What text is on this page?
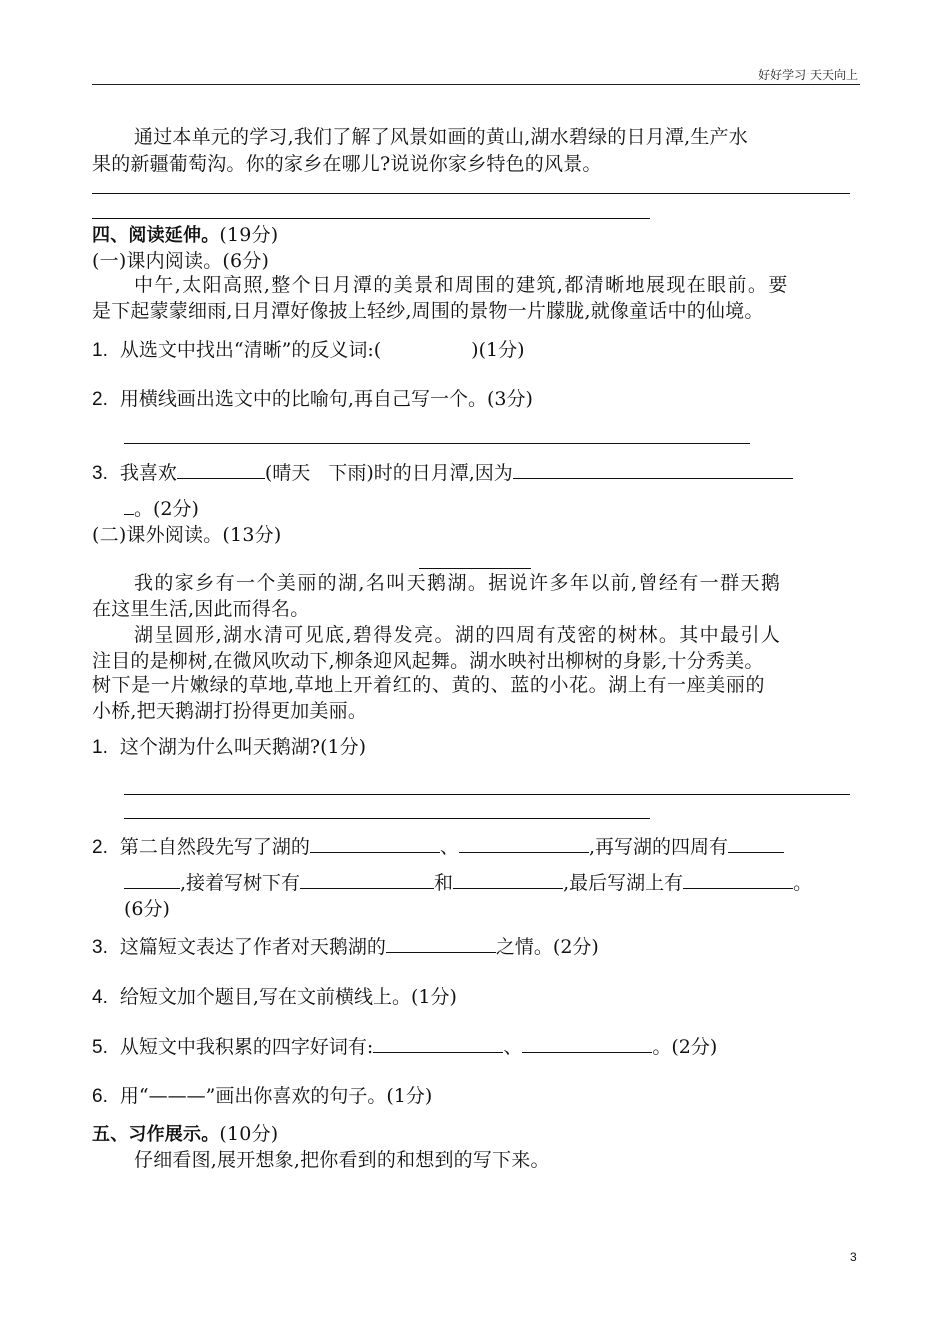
好好学习 天天向上
通过本单元的学习,我们了解了风景如画的黄山,湖水碧绿的日月潭,生产水
果的新疆葡萄沟。你的家乡在哪儿?说说你家乡特色的风景。
四、阅读延伸。(19分)
(一)课内阅读。(6分)
中午,太阳高照,整个日月潭的美景和周围的建筑,都清晰地展现在眼前。要
是下起蒙蒙细雨,日月潭好像披上轻纱,周围的景物一片朦胧,就像童话中的仙境。
1. 从选文中找出“清晰”的反义词:(	)(1分)
2. 用横线画出选文中的比喻句,再自己写一个。(3分)
3. 我喜欢	(晴天 下雨)时的日月潭,因为
。(2分)
(二)课外阅读。(13分)
我的家乡有一个美丽的湖,名叫天鹅湖。据说许多年以前,曾经有一群天鹅
在这里生活,因此而得名。
湖呈圆形,湖水清可见底,碧得发亮。湖的四周有茂密的树林。其中最引人
注目的是柳树,在微风吹动下,柳条迎风起舞。湖水映衬出柳树的身影,十分秀美。
树下是一片嫩绿的草地,草地上开着红的、黄的、蓝的小花。湖上有一座美丽的
小桥,把天鹅湖打扮得更加美丽。
1. 这个湖为什么叫天鹅湖?(1分)
2. 第二自然段先写了湖的	、	,再写湖的四周有
,接着写树下有	和	,最后写湖上有	。
(6分)
3. 这篇短文表达了作者对天鹅湖的	之情。(2分)
4. 给短文加个题目,写在文前横线上。(1分)
5. 从短文中我积累的四字好词有:	、	。(2分)
6. 用“———”画出你喜欢的句子。(1分)
五、习作展示。(10分)
仔细看图,展开想象,把你看到的和想到的写下来。
3
